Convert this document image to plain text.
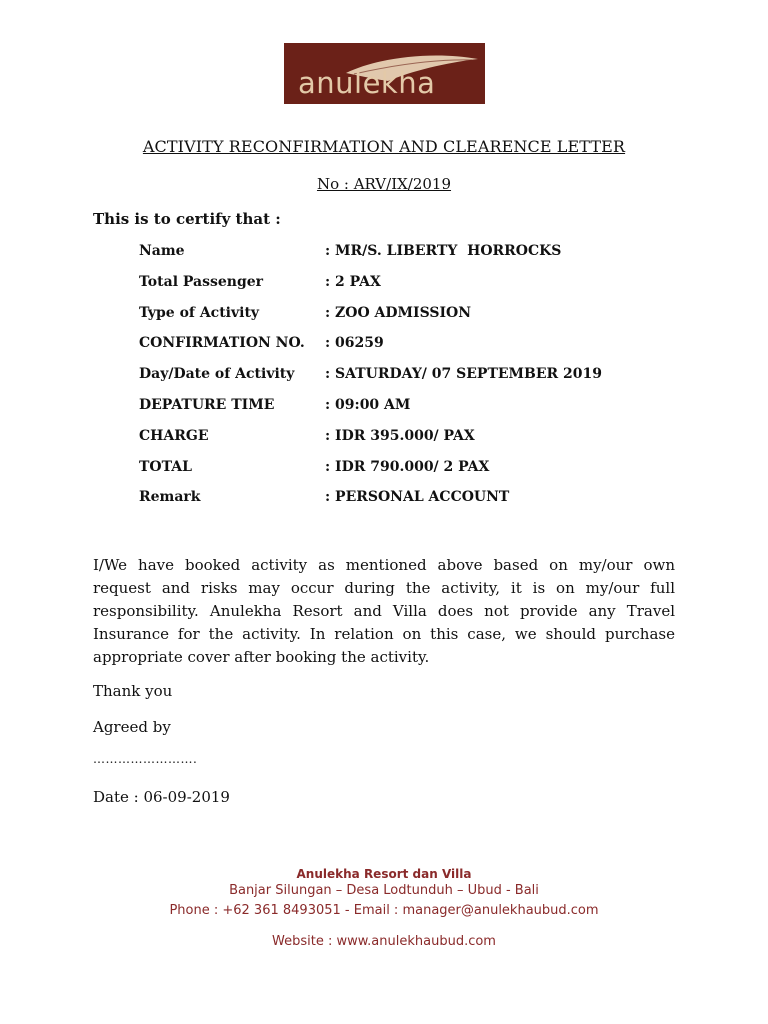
anulekha
ACTIVITY RECONFIRMATION AND CLEARENCE LETTER
No : ARV/IX/2019
This is to certify that :
Name	: MR/S. LIBERTY  HORROCKS
Total Passenger	: 2 PAX
Type of Activity	: ZOO ADMISSION
CONFIRMATION NO. : 06259
Day/Date of Activity : SATURDAY/ 07 SEPTEMBER 2019
DEPATURE TIME	: 09:00 AM
CHARGE	: IDR 395.000/ PAX
TOTAL	: IDR 790.000/ 2 PAX
Remark	: PERSONAL ACCOUNT
I/We have booked activity as mentioned above based on my/our own request and risks may occur during the activity, it is on my/our full responsibility. Anulekha Resort and Villa does not provide any Travel Insurance for the activity. In relation on this case, we should purchase appropriate cover after booking the activity.
Thank you
Agreed by
…………………….
Date : 06-09-2019
Anulekha Resort dan Villa
Banjar Silungan – Desa Lodtunduh – Ubud - Bali
Phone : +62 361 8493051 - Email : manager@anulekhaubud.com
Website : www.anulekhaubud.com
